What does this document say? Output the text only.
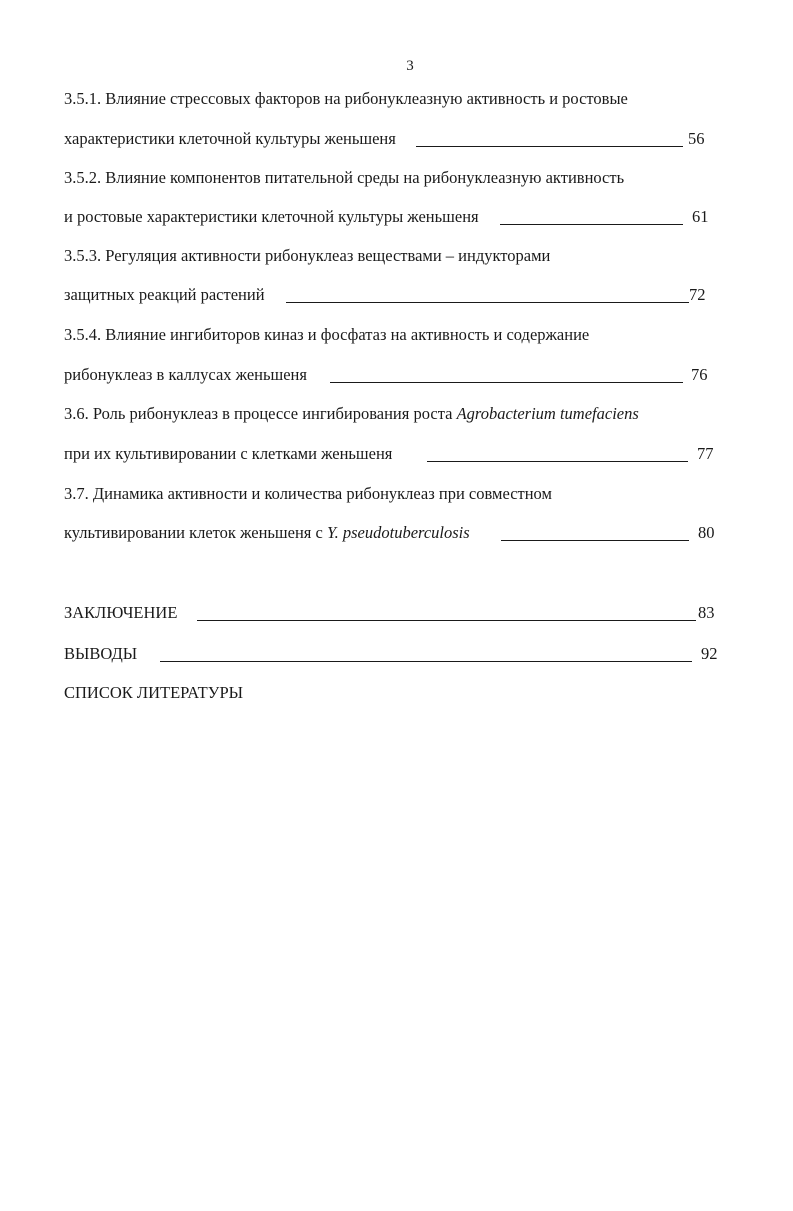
3
3.5.1. Влияние стрессовых факторов на рибонуклеазную активность и ростовые
характеристики клеточной культуры женьшеня	56
3.5.2. Влияние компонентов питательной среды на рибонуклеазную активность
и ростовые характеристики клеточной культуры женьшеня	61
3.5.3. Регуляция активности рибонуклеаз веществами – индукторами
защитных реакций растений	72
3.5.4. Влияние ингибиторов киназ и фосфатаз на активность и содержание
рибонуклеаз в каллусах женьшеня	76
3.6. Роль рибонуклеаз в процессе ингибирования роста Agrobacterium tumefaciens
при их культивировании с клетками женьшеня	77
3.7. Динамика активности и количества рибонуклеаз при совместном
культивировании клеток женьшеня с Y. pseudotuberculosis	80
ЗАКЛЮЧЕНИЕ	83
ВЫВОДЫ	92
СПИСОК ЛИТЕРАТУРЫ
